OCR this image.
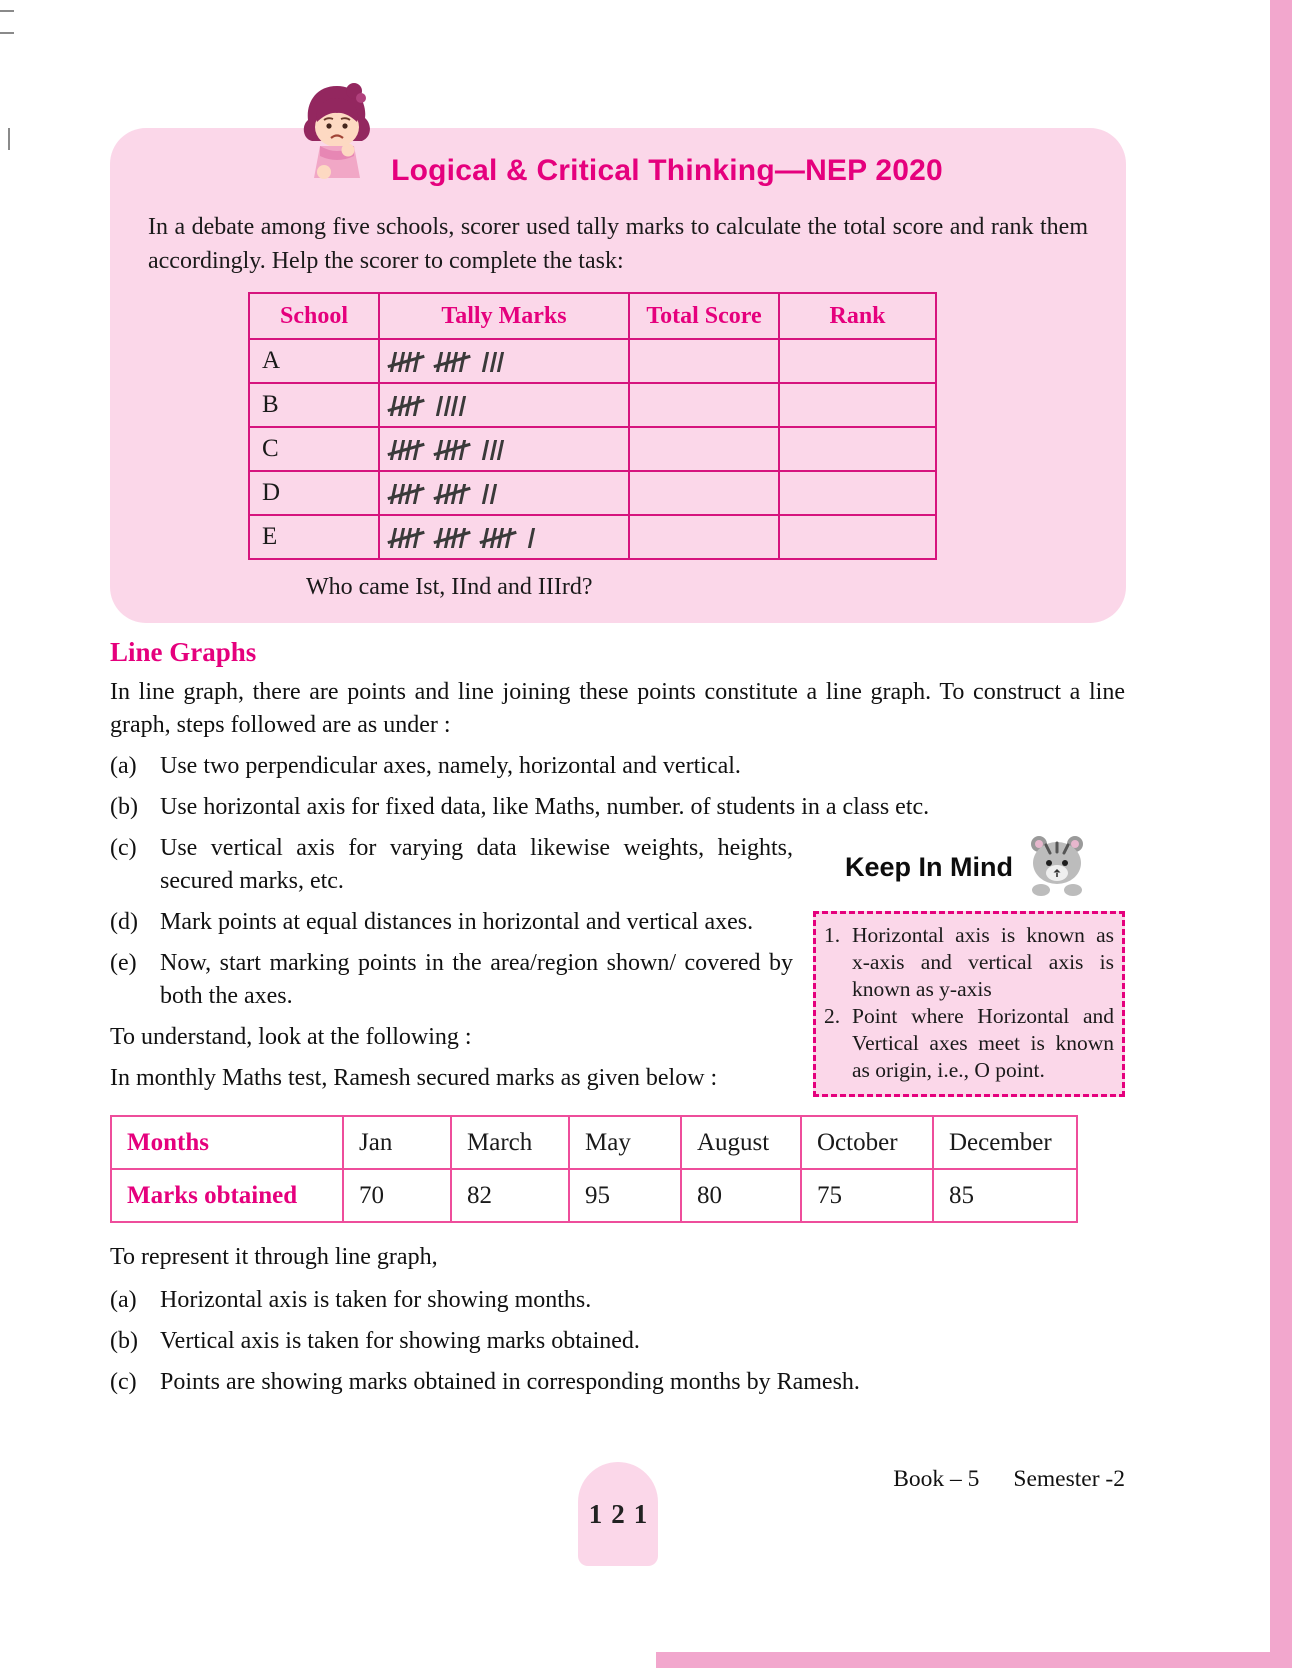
Logical & Critical Thinking—NEP 2020

In a debate among five schools, scorer used tally marks to calculate the total score and rank them accordingly. Help the scorer to complete the task:

School	Tally Marks	Total Score	Rank
A			
B			
C			
D			
E			

Who came Ist, IInd and IIIrd?

Line Graphs

In line graph, there are points and line joining these points constitute a line graph. To construct a line graph, steps followed are as under :

(a) Use two perpendicular axes, namely, horizontal and vertical.
(b) Use horizontal axis for fixed data, like Maths, number. of students in a class etc.
Keep In Mind
1. Horizontal axis is known as x-axis and vertical axis is known as y-axis
2. Point where Horizontal and Vertical axes meet is known as origin, i.e., O point.
(c) Use vertical axis for varying data likewise weights, heights, secured marks, etc.
(d) Mark points at equal distances in horizontal and vertical axes.
(e) Now, start marking points in the area/region shown/ covered by both the axes.

To understand, look at the following :

In monthly Maths test, Ramesh secured marks as given below :

Months	Jan	March	May	August	October	December
Marks obtained	70	82	95	80	75	85

To represent it through line graph,

(a) Horizontal axis is taken for showing months.
(b) Vertical axis is taken for showing marks obtained.
(c) Points are showing marks obtained in corresponding months by Ramesh.
121
Book – 5 Semester -2
